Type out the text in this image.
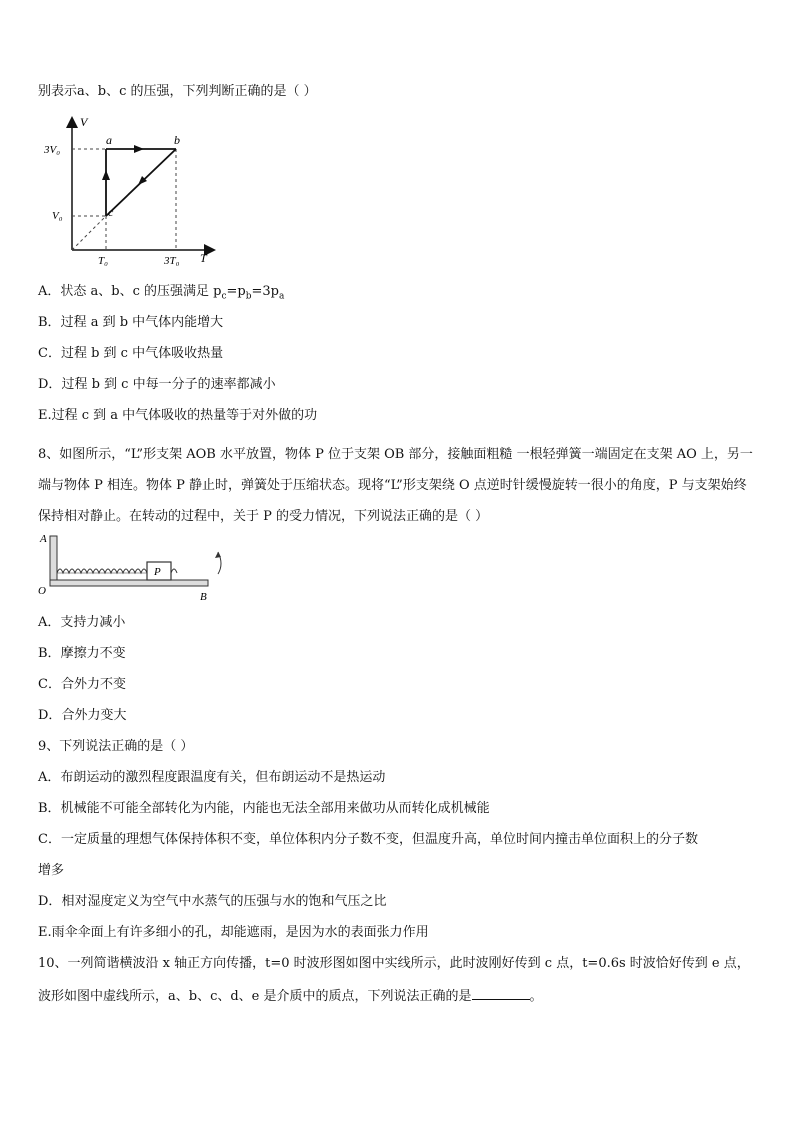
别表示a、b、c 的压强，下列判断正确的是（ ）
V
T
a	b
c
3V₀
V₀
T₀	3T₀
A．状态 a、b、c 的压强满足 $p_c=p_b=3p_a$
B．过程 a 到 b 中气体内能增大
C．过程 b 到 c 中气体吸收热量
D．过程 b 到 c 中每一分子的速率都减小
E.过程 c 到 a 中气体吸收的热量等于对外做的功
8、如图所示，“L”形支架 AOB 水平放置，物体 P 位于支架 OB 部分，接触面粗糙 一根轻弹簧一端固定在支架 AO 上，另一端与物体 P 相连。物体 P 静止时，弹簧处于压缩状态。现将“L”形支架绕 O 点逆时针缓慢旋转一很小的角度，P 与支架始终保持相对静止。在转动的过程中，关于 P 的受力情况，下列说法正确的是（ ）
P
A
O	B
A．支持力减小
B．摩擦力不变
C．合外力不变
D．合外力变大
9、下列说法正确的是（ ）
A．布朗运动的激烈程度跟温度有关，但布朗运动不是热运动
B．机械能不可能全部转化为内能，内能也无法全部用来做功从而转化成机械能
C．一定质量的理想气体保持体积不变，单位体积内分子数不变，但温度升高，单位时间内撞击单位面积上的分子数
增多
D．相对湿度定义为空气中水蒸气的压强与水的饱和气压之比
E.雨伞伞面上有许多细小的孔，却能遮雨，是因为水的表面张力作用
10、一列简谐横波沿 x 轴正方向传播，t=0 时波形图如图中实线所示，此时波刚好传到 c 点，t=0.6s 时波恰好传到 e 点，
波形如图中虚线所示，a、b、c、d、e 是介质中的质点，下列说法正确的是	。
